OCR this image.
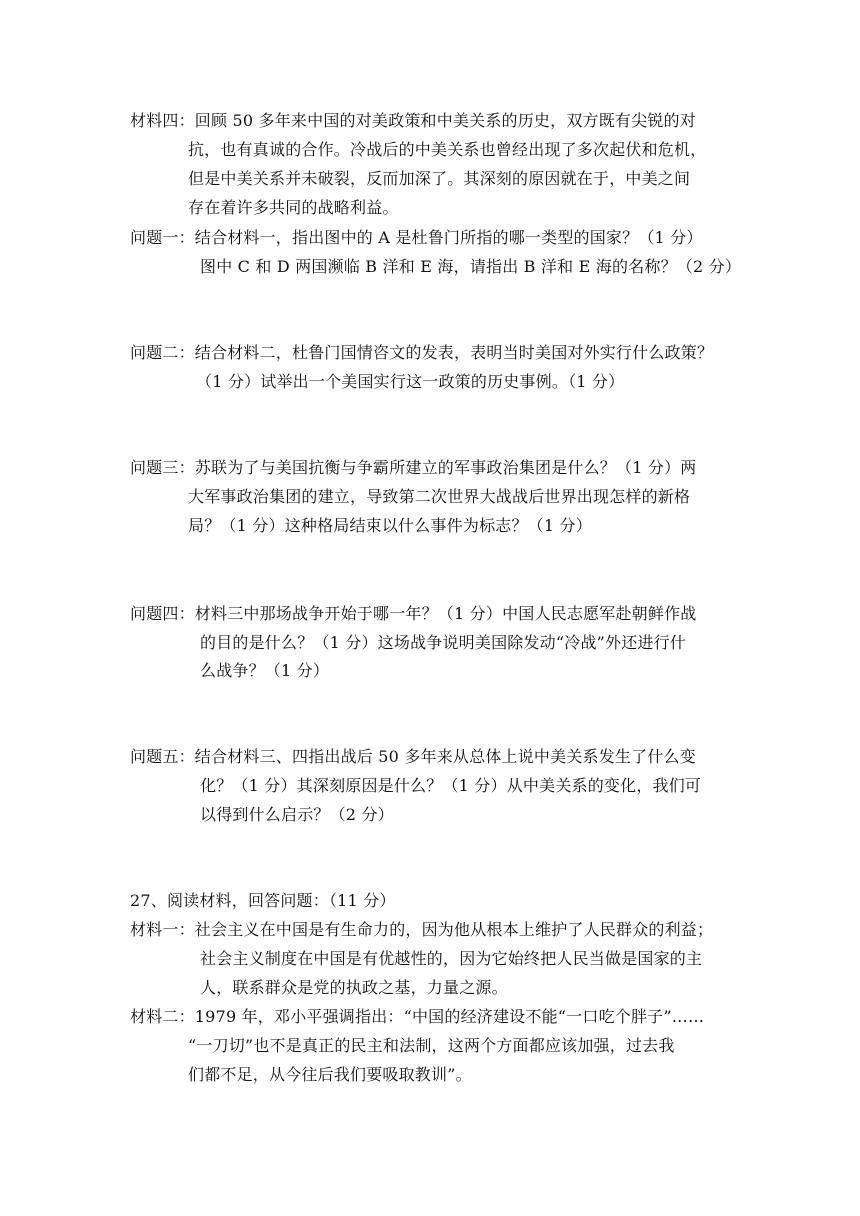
材料四：回顾 50 多年来中国的对美政策和中美关系的历史，双方既有尖锐的对
抗，也有真诚的合作。冷战后的中美关系也曾经出现了多次起伏和危机，
但是中美关系并未破裂，反而加深了。其深刻的原因就在于，中美之间
存在着许多共同的战略利益。
问题一：结合材料一，指出图中的 A 是杜鲁门所指的哪一类型的国家？（1 分）
图中 C 和 D 两国濒临 B 洋和 E 海，请指出 B 洋和 E 海的名称？（2 分）
问题二：结合材料二，杜鲁门国情咨文的发表，表明当时美国对外实行什么政策？
（1 分）试举出一个美国实行这一政策的历史事例。（1 分）
问题三：苏联为了与美国抗衡与争霸所建立的军事政治集团是什么？（1 分）两
大军事政治集团的建立，导致第二次世界大战战后世界出现怎样的新格
局？（1 分）这种格局结束以什么事件为标志？（1 分）
问题四：材料三中那场战争开始于哪一年？（1 分）中国人民志愿军赴朝鲜作战
的目的是什么？（1 分）这场战争说明美国除发动“冷战”外还进行什
么战争？（1 分）
问题五：结合材料三、四指出战后 50 多年来从总体上说中美关系发生了什么变
化？（1 分）其深刻原因是什么？（1 分）从中美关系的变化，我们可
以得到什么启示？（2 分）
27、阅读材料，回答问题：（11 分）
材料一：社会主义在中国是有生命力的，因为他从根本上维护了人民群众的利益；
社会主义制度在中国是有优越性的，因为它始终把人民当做是国家的主
人，联系群众是党的执政之基，力量之源。
材料二：1979 年，邓小平强调指出：“中国的经济建设不能“一口吃个胖子”……
“一刀切”也不是真正的民主和法制，这两个方面都应该加强，过去我
们都不足，从今往后我们要吸取教训”。
